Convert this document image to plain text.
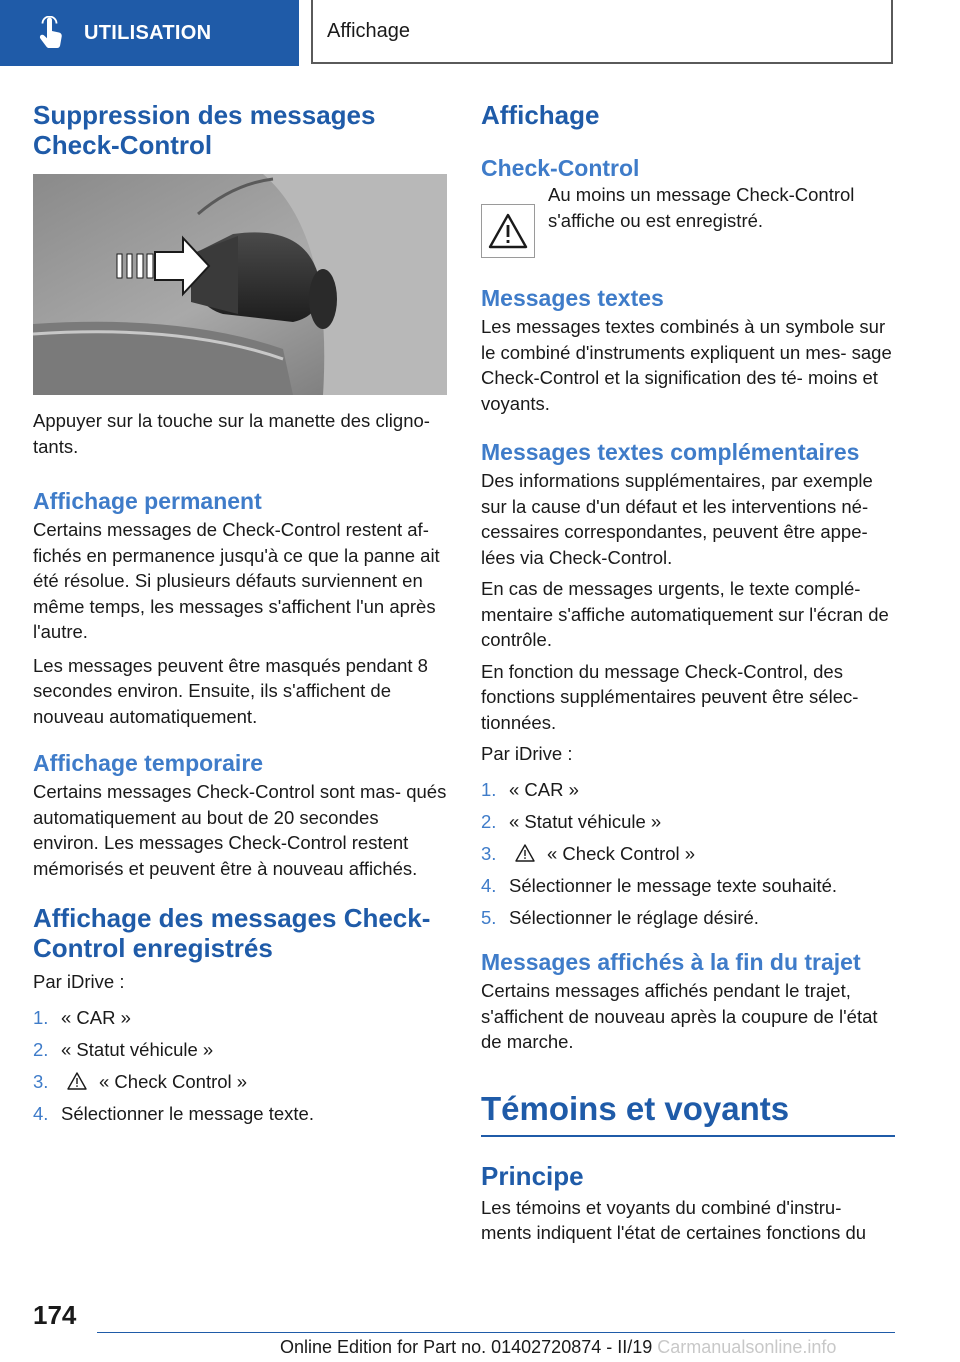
UTILISATION	Affichage
Suppression des messages Check-Control

Appuyer sur la touche sur la manette des cligno- tants.

Affichage permanent

Certains messages de Check-Control restent af- fichés en permanence jusqu'à ce que la panne ait été résolue. Si plusieurs défauts surviennent en même temps, les messages s'affichent l'un après l'autre.

Les messages peuvent être masqués pendant 8 secondes environ. Ensuite, ils s'affichent de nouveau automatiquement.

Affichage temporaire

Certains messages Check-Control sont mas- qués automatiquement au bout de 20 secondes environ. Les messages Check-Control restent mémorisés et peuvent être à nouveau affichés.

Affichage des messages Check- Control enregistrés

Par iDrive :

1. « CAR »
2. « Statut véhicule »
3.	« Check Control »
4. Sélectionner le message texte.
Affichage
Check-Control

Au moins un message Check-Control s'affiche ou est enregistré.

Messages textes

Les messages textes combinés à un symbole sur le combiné d'instruments expliquent un mes- sage Check-Control et la signification des té- moins et voyants.

Messages textes complémentaires

Des informations supplémentaires, par exemple sur la cause d'un défaut et les interventions né- cessaires correspondantes, peuvent être appe- lées via Check-Control.

En cas de messages urgents, le texte complé- mentaire s'affiche automatiquement sur l'écran de contrôle.

En fonction du message Check-Control, des fonctions supplémentaires peuvent être sélec- tionnées.

Par iDrive :

1. « CAR »
2. « Statut véhicule »
3.	« Check Control »
4. Sélectionner le message texte souhaité.
5. Sélectionner le réglage désiré.
Messages affichés à la fin du trajet

Certains messages affichés pendant le trajet, s'affichent de nouveau après la coupure de l'état de marche.

Témoins et voyants
Principe

Les témoins et voyants du combiné d'instru- ments indiquent l'état de certaines fonctions du

174
Online Edition for Part no. 01402720874 - II/19 Carmanualsonline.info
